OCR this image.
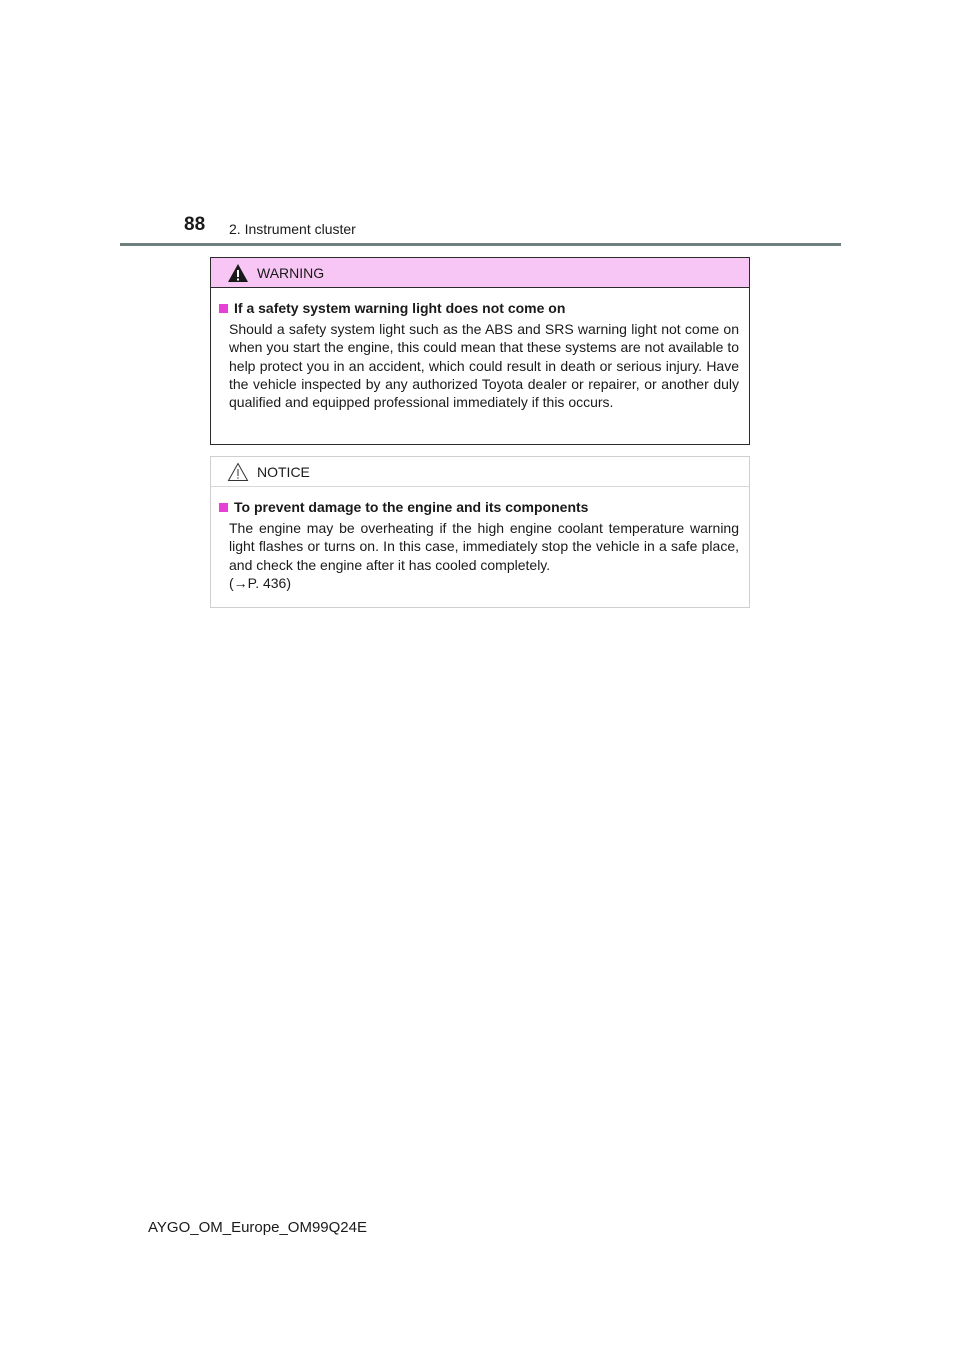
88 2. Instrument cluster
WARNING
If a safety system warning light does not come on
Should a safety system light such as the ABS and SRS warning light not come on when you start the engine, this could mean that these systems are not available to help protect you in an accident, which could result in death or serious injury. Have the vehicle inspected by any authorized Toyota dealer or repairer, or another duly qualified and equipped professional immediately if this occurs.
NOTICE
To prevent damage to the engine and its components
The engine may be overheating if the high engine coolant temperature warning light flashes or turns on. In this case, immediately stop the vehicle in a safe place, and check the engine after it has cooled completely.
(→P. 436)
AYGO_OM_Europe_OM99Q24E
